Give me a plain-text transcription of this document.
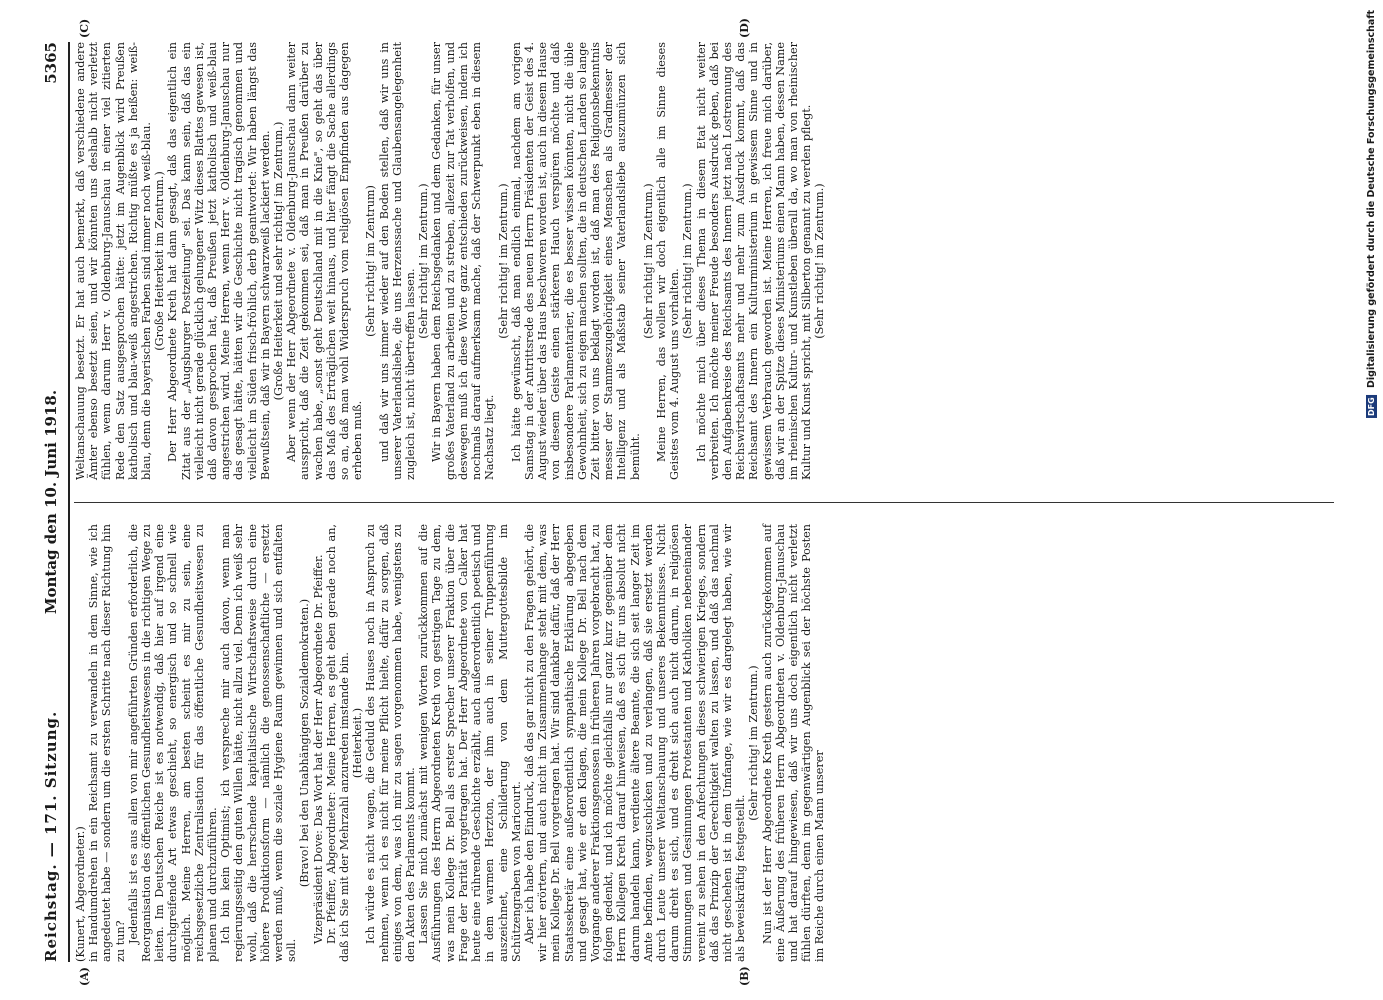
Reichstag. — 171. Sitzung.
Montag den 10. Juni 1918.
5365

(Kunert, Abgeordneter.) in Handumdrehen in ein Reichsamt zu verwandeln in dem Sinne, wie ich angedeutet habe — sondern um die ersten Schritte nach dieser Richtung hin zu tun? Jedenfalls ist es aus allen von mir angeführten Gründen erforderlich, die Reorganisation des öffentlichen Gesundheitswesens in die richtigen Wege zu leiten. Im Deutschen Reiche ist es notwendig, daß hier auf irgend eine durchgreifende Art etwas geschieht, so energisch und so schnell wie möglich. Meine Herren, am besten scheint es mir zu sein, eine reichsgesetzliche Zentralisation für das öffentliche Gesundheitswesen zu planen und durchzuführen. Ich bin kein Optimist; ich verspreche mir auch davon, wenn man regierungsseitig den guten Willen hätte, nicht allzu viel. Denn ich weiß sehr wohl, daß die herrschende kapitalistische Wirtschaftsweise durch eine höhere Produktionsform — nämlich die genossenschaftliche — ersetzt werden muß, wenn die soziale Hygiene Raum gewinnen und sich entfalten soll.

(Bravo! bei den Unabhängigen Sozialdemokraten.) Vizepräsident Dove: Das Wort hat der Herr Abgeordnete Dr. Pfeiffer. Dr. Pfeiffer, Abgeordneter: Meine Herren, es geht eben gerade noch an, daß ich Sie mit der Mehrzahl anzureden imstande bin. (Heiterkeit.) Ich würde es nicht wagen, die Geduld des Hauses noch in Anspruch zu nehmen, wenn ich es nicht für meine Pflicht hielte, dafür zu sorgen, daß einiges von dem, was ich mir zu sagen vorgenommen habe, wenigstens zu den Akten des Parlaments kommt. Lassen Sie mich zunächst mit wenigen Worten zurückkommen auf die Ausführungen des Herrn Abgeordneten Kreth von gestrigen Tage zu dem, was mein Kollege Dr. Bell als erster Sprecher unserer Fraktion über die Frage der Parität vorgetragen hat. Der Herr Abgeordnete von Calker hat heute eine rührende Geschichte erzählt, auch außerordentlich poetisch und in dem warmen Herzton, der ihm auch in seiner Truppenführung auszeichnet, eine Schilderung von dem Muttergottesbilde im Schützengraben von Maricourt. Aber ich habe den Eindruck, daß das gar nicht zu den Fragen gehört, die wir hier erörtern, und auch nicht im Zusammenhange steht mit dem, was mein Kollege Dr. Bell vorgetragen hat. Wir sind dankbar dafür, daß der Herr Staatssekretär eine außerordentlich sympathische Erklärung abgegeben und gesagt hat, wie er den Klagen, die mein Kollege Dr. Bell nach dem Vorgange anderer Fraktionsgenossen in früheren Jahren vorgebracht hat, zu folgen gedenkt, und ich möchte gleichfalls nur ganz kurz gegenüber dem Herrn Kollegen Kreth darauf hinweisen, daß es sich für uns absolut nicht darum handeln kann, verdiente ältere Beamte, die sich seit langer Zeit im Amte befinden, wegzuschicken und zu verlangen, daß sie ersetzt werden durch Leute unserer Weltanschauung und unseres Bekenntnisses. Nicht darum dreht es sich, und es dreht sich auch nicht darum, in religiösen Stimmungen und Gesinnungen Protestanten und Katholiken nebeneinander vereint zu sehen in den Anfechtungen dieses schwierigen Krieges, sondern daß das Prinzip der Gerechtigkeit walten zu lassen, und daß das nachmal nicht geschehen ist in dem Umfange, wie wir es dargelegt haben, wie wir als beweiskräftig festgestellt.

(Sehr richtig! im Zentrum.) Nun ist der Herr Abgeordnete Kreth gestern auch zurückgekommen auf eine Äußerung des früheren Herrn Abgeordneten v. Oldenburg-Januschau und hat darauf hingewiesen, daß wir uns doch eigentlich nicht verletzt fühlen dürften, denn im gegenwärtigen Augenblick sei der höchste Posten im Reiche durch einen Mann unserer

Weltanschauung besetzt. Er hat auch bemerkt, daß verschiedene andere Ämter ebenso besetzt seien, und wir könnten uns deshalb nicht verletzt fühlen, wenn darum Herr v. Oldenburg-Januschau in einer viel zitierten Rede den Satz ausgesprochen hätte: jetzt im Augenblick wird Preußen katholisch und blau-weiß angestrichen. Richtig müßte es ja heißen: weiß-blau, denn die bayerischen Farben sind immer noch weiß-blau. (Große Heiterkeit im Zentrum.) Der Herr Abgeordnete Kreth hat dann gesagt, daß das eigentlich ein Zitat aus der „Augsburger Postzeitung" sei. Das kann sein, daß das ein vielleicht nicht gerade glücklich gelungener Witz dieses Blattes gewesen ist, daß davon gesprochen hat, daß Preußen jetzt katholisch und weiß-blau angestrichen wird. Meine Herren, wenn Herr v. Oldenburg-Januschau nur das gesagt hätte, hätten wir die Geschichte nicht tragisch genommen und vielleicht im Süden frisch-fröhlich, derb geantwortet: Wir haben längst das Bewußtsein, daß wir in Bayern schwarzweiß lackiert werden. (Große Heiterkeit und sehr richtig! im Zentrum.) Aber wenn der Herr Abgeordnete v. Oldenburg-Januschau dann weiter ausspricht, daß die Zeit gekommen sei, daß man in Preußen darüber zu wachen habe, „sonst geht Deutschland mit in die Knie", so geht das über das Maß des Erträglichen weit hinaus, und hier fängt die Sache allerdings so an, daß man wohl Widerspruch vom religiösen Empfinden aus dagegen erheben muß.

(Sehr richtig! im Zentrum) und daß wir uns immer wieder auf den Boden stellen, daß wir uns in unserer Vaterlandsliebe, die uns Herzenssache und Glaubensangelegenheit zugleich ist, nicht übertreffen lassen.

(Sehr richtig! im Zentrum.) Wir in Bayern haben dem Reichsgedanken und dem Gedanken, für unser großes Vaterland zu arbeiten und zu streben, allezeit zur Tat verholfen, und deswegen muß ich diese Worte ganz entschieden zurückweisen, indem ich nochmals darauf aufmerksam mache, daß der Schwerpunkt eben in diesem Nachsatz liegt.

(Sehr richtig! im Zentrum.) Ich hätte gewünscht, daß man endlich einmal, nachdem am vorigen Samstag in der Antrittsrede des neuen Herrn Präsidenten der Geist des 4. August wieder über das Haus beschworen worden ist, auch in diesem Hause von diesem Geiste einen stärkeren Hauch verspüren möchte und daß insbesondere Parlamentarier, die es besser wissen könnten, nicht die üble Gewohnheit, sich zu eigen machen sollten, die in deutschen Landen so lange Zeit bitter von uns beklagt worden ist, daß man des Religionsbekenntnis messer der Stammeszugehörigkeit eines Menschen als Gradmesser der Intelligenz und als Maßstab seiner Vaterlandsliebe auszumünzen sich bemüht.

(Sehr richtig! im Zentrum.) Meine Herren, das wollen wir doch eigentlich alle im Sinne dieses Geistes vom 4. August uns vorhalten.

(Sehr richtig! im Zentrum.) Ich möchte mich über dieses Thema in diesem Etat nicht weiter verbreiten. Ich möchte meiner Freude besonders Ausdruck geben, daß bei den Aufgabenkreise des Reichsamts des Innern jetzt nach Lostrennung des Reichswirtschaftsamts mehr und mehr zum Ausdruck kommt, daß das Reichsamt des Innern ein Kulturministerium in gewissem Sinne und in gewissem Verbrauch geworden ist. Meine Herren, ich freue mich darüber, daß wir an der Spitze dieses Ministeriums einen Mann haben, dessen Name im rheinischen Kultur- und Kunstleben überall da, wo man von rheinischer Kultur und Kunst spricht, mit Silberton genannt zu werden pflegt. (Sehr richtig! im Zentrum.)

(A)	(B)
(C)	(D)
DFG Digitalisierung gefördert durch die Deutsche Forschungsgemeinschaft
